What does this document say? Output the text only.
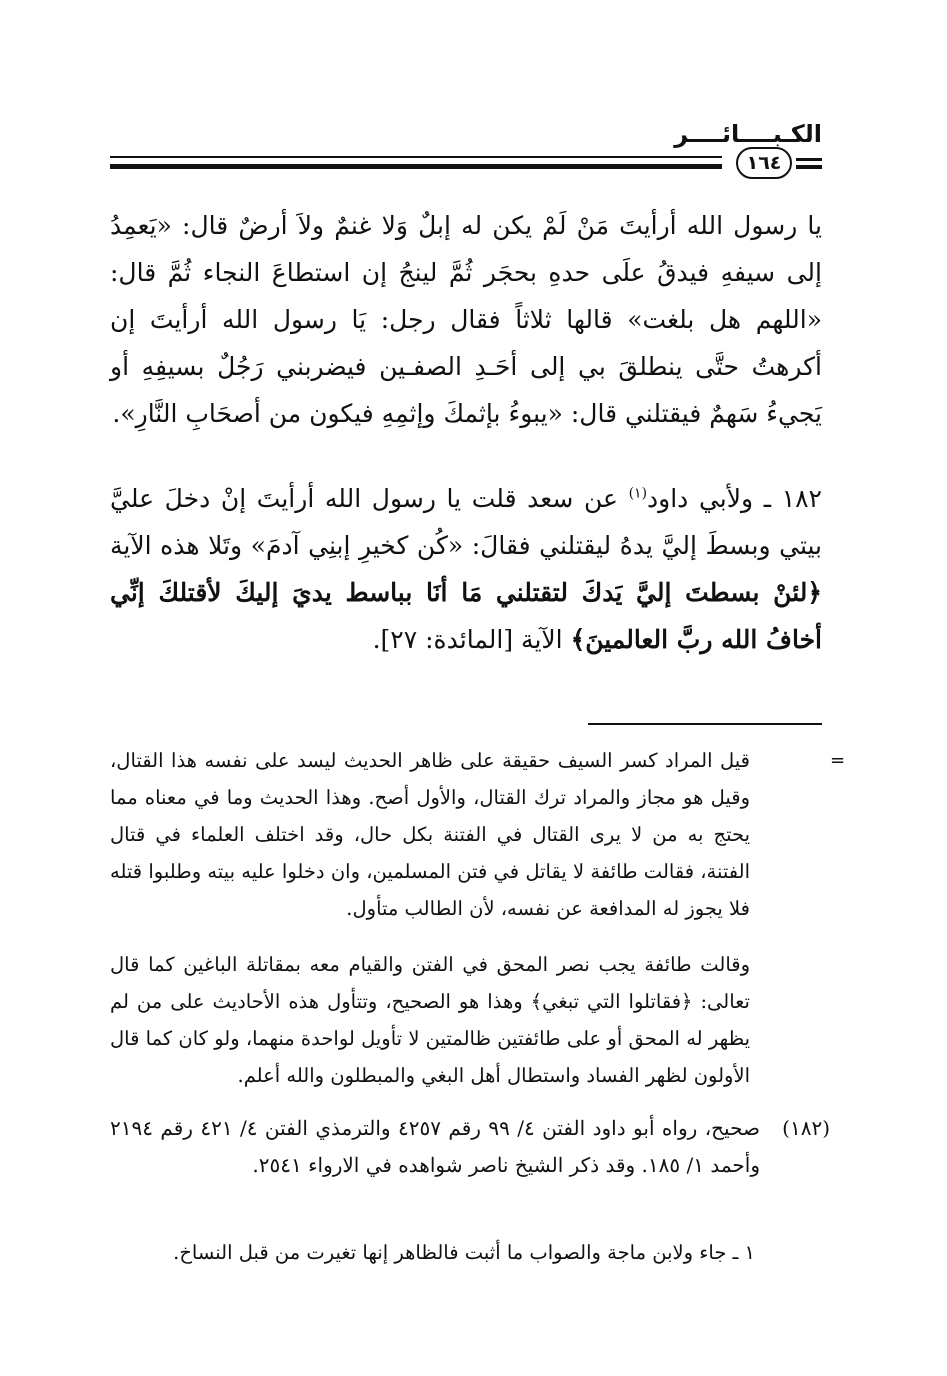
الكـبــــائــــر
١٦٤

يا رسول الله أرأيتَ مَنْ لَمْ يكن له إبلٌ وَلا غنمٌ ولاَ أرضٌ قال: «يَعمِدُ إلى سيفهِ فيدقُ علَى حدهِ بحجَر ثُمَّ لينجُ إن استطاعَ النجاء ثُمَّ قال: «اللهم هل بلغت» قالها ثلاثاً فقال رجل: يَا رسول الله أرأيتَ إن أكرهتُ حتَّى ينطلقَ بي إلى أحَـدِ الصفـين فيضربني رَجُلٌ بسيفِهِ أو يَجيءُ سَهمٌ فيقتلني قال: «يبوءُ بإثمكَ وإثمِهِ فيكون من أصحَابِ النَّارِ».

١٨٢ ـ ولأبي داود$^{(١)}$ عن سعد قلت يا رسول الله أرأيتَ إنْ دخلَ عليَّ بيتي وبسطَ إليَّ يدهُ ليقتلني فقالَ: «كُن كخيرِ إبنِي آدمَ» وتَلا هذه الآية ﴿لئنْ بسطتَ إليَّ يَدكَ لتقتلني مَا أنَا بباسط يديَ إليكَ لأقتلكَ إنِّي أخافُ الله ربَّ العالمينَ﴾ الآية [المائدة: ٢٧].

=

قيل المراد كسر السيف حقيقة على ظاهر الحديث ليسد على نفسه هذا القتال، وقيل هو مجاز والمراد ترك القتال، والأول أصح. وهذا الحديث وما في معناه مما يحتج به من لا يرى القتال في الفتنة بكل حال، وقد اختلف العلماء في قتال الفتنة، فقالت طائفة لا يقاتل في فتن المسلمين، وان دخلوا عليه بيته وطلبوا قتله فلا يجوز له المدافعة عن نفسه، لأن الطالب متأول.

وقالت طائفة يجب نصر المحق في الفتن والقيام معه بمقاتلة الباغين كما قال تعالى: ﴿فقاتلوا التي تبغي﴾ وهذا هو الصحيح، وتتأول هذه الأحاديث على من لم يظهر له المحق أو على طائفتين ظالمتين لا تأويل لواحدة منهما، ولو كان كما قال الأولون لظهر الفساد واستطال أهل البغي والمبطلون والله أعلم.

(١٨٢)

صحيح، رواه أبو داود الفتن ٤/ ٩٩ رقم ٤٢٥٧ والترمذي الفتن ٤/ ٤٢١ رقم ٢١٩٤ وأحمد ١/ ١٨٥. وقد ذكر الشيخ ناصر شواهده في الارواء ٢٥٤١.

١ ـ جاء ولابن ماجة والصواب ما أثبت فالظاهر إنها تغيرت من قبل النساخ.
